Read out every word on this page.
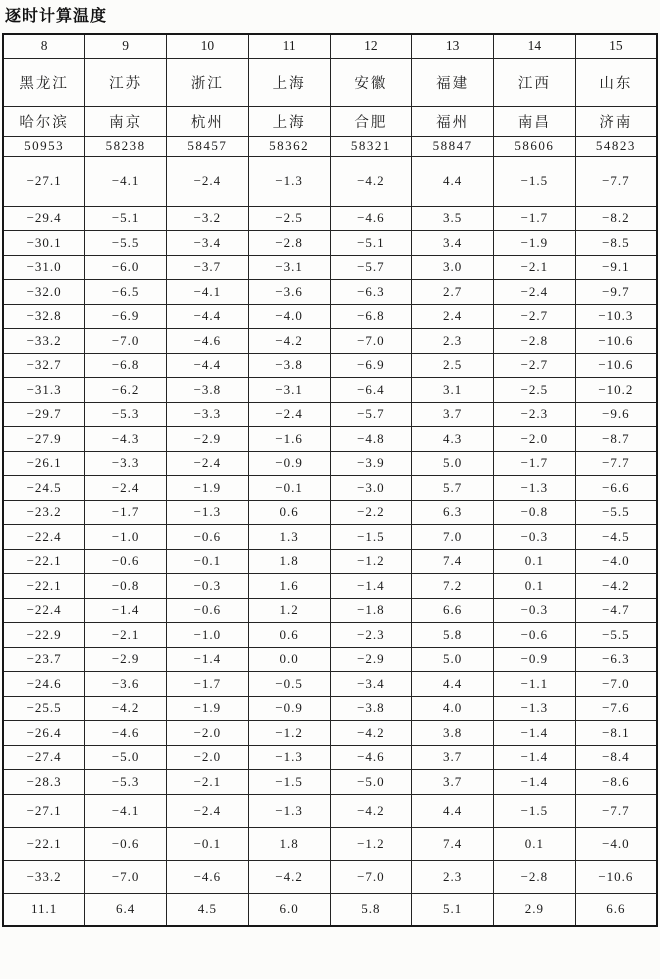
逐时计算温度
8	9	10	11	12	13	14	15
黑龙江	江苏	浙江	上海	安徽	福建	江西	山东
哈尔滨	南京	杭州	上海	合肥	福州	南昌	济南
50953	58238	58457	58362	58321	58847	58606	54823
−27.1	−4.1	−2.4	−1.3	−4.2	4.4	−1.5	−7.7
−29.4	−5.1	−3.2	−2.5	−4.6	3.5	−1.7	−8.2
−30.1	−5.5	−3.4	−2.8	−5.1	3.4	−1.9	−8.5
−31.0	−6.0	−3.7	−3.1	−5.7	3.0	−2.1	−9.1
−32.0	−6.5	−4.1	−3.6	−6.3	2.7	−2.4	−9.7
−32.8	−6.9	−4.4	−4.0	−6.8	2.4	−2.7	−10.3
−33.2	−7.0	−4.6	−4.2	−7.0	2.3	−2.8	−10.6
−32.7	−6.8	−4.4	−3.8	−6.9	2.5	−2.7	−10.6
−31.3	−6.2	−3.8	−3.1	−6.4	3.1	−2.5	−10.2
−29.7	−5.3	−3.3	−2.4	−5.7	3.7	−2.3	−9.6
−27.9	−4.3	−2.9	−1.6	−4.8	4.3	−2.0	−8.7
−26.1	−3.3	−2.4	−0.9	−3.9	5.0	−1.7	−7.7
−24.5	−2.4	−1.9	−0.1	−3.0	5.7	−1.3	−6.6
−23.2	−1.7	−1.3	0.6	−2.2	6.3	−0.8	−5.5
−22.4	−1.0	−0.6	1.3	−1.5	7.0	−0.3	−4.5
−22.1	−0.6	−0.1	1.8	−1.2	7.4	0.1	−4.0
−22.1	−0.8	−0.3	1.6	−1.4	7.2	0.1	−4.2
−22.4	−1.4	−0.6	1.2	−1.8	6.6	−0.3	−4.7
−22.9	−2.1	−1.0	0.6	−2.3	5.8	−0.6	−5.5
−23.7	−2.9	−1.4	0.0	−2.9	5.0	−0.9	−6.3
−24.6	−3.6	−1.7	−0.5	−3.4	4.4	−1.1	−7.0
−25.5	−4.2	−1.9	−0.9	−3.8	4.0	−1.3	−7.6
−26.4	−4.6	−2.0	−1.2	−4.2	3.8	−1.4	−8.1
−27.4	−5.0	−2.0	−1.3	−4.6	3.7	−1.4	−8.4
−28.3	−5.3	−2.1	−1.5	−5.0	3.7	−1.4	−8.6
−27.1	−4.1	−2.4	−1.3	−4.2	4.4	−1.5	−7.7
−22.1	−0.6	−0.1	1.8	−1.2	7.4	0.1	−4.0
−33.2	−7.0	−4.6	−4.2	−7.0	2.3	−2.8	−10.6
11.1	6.4	4.5	6.0	5.8	5.1	2.9	6.6
